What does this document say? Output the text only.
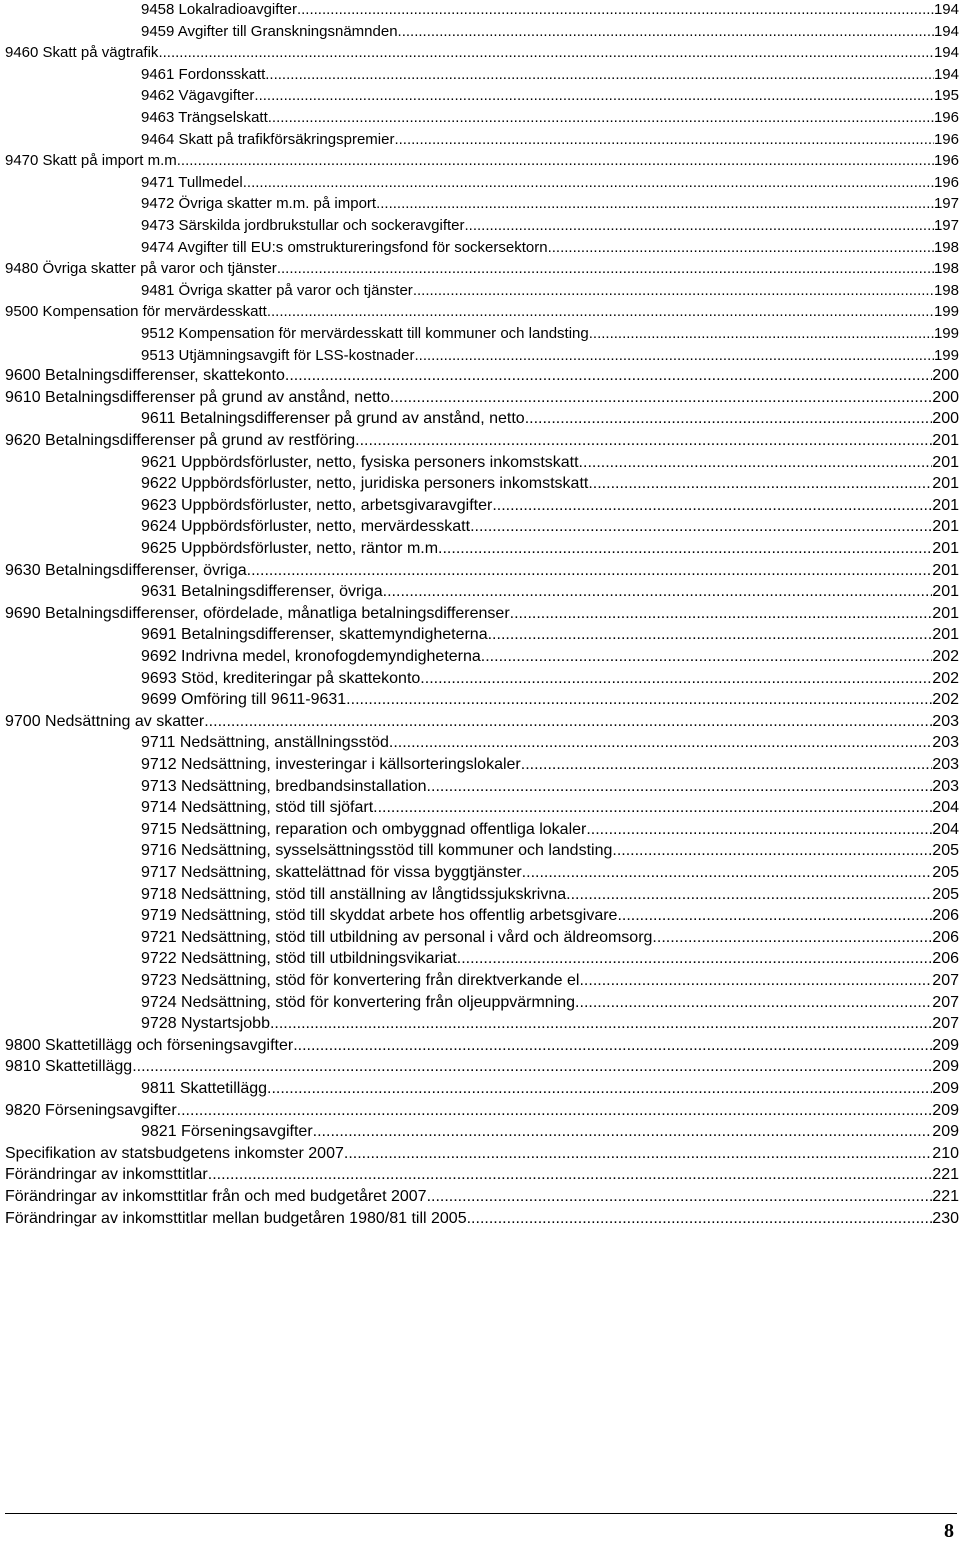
9458 Lokalradioavgifter .....	194
9459 Avgifter till Granskningsnämnden .....	194
9460 Skatt på vägtrafik .....	194
9461 Fordonsskatt .....	194
9462 Vägavgifter .....	195
9463 Trängselskatt .....	196
9464 Skatt på trafikförsäkringspremier .....	196
9470 Skatt på import m.m. .....	196
9471 Tullmedel .....	196
9472 Övriga skatter m.m. på import .....	197
9473 Särskilda jordbrukstullar och sockeravgifter .....	197
9474 Avgifter till EU:s omstruktureringsfond för sockersektorn .....	198
9480 Övriga skatter på varor och tjänster .....	198
9481 Övriga skatter på varor och tjänster .....	198
9500 Kompensation för mervärdesskatt .....	199
9512 Kompensation för mervärdesskatt till kommuner och landsting .....	199
9513 Utjämningsavgift för LSS-kostnader .....	199
9600 Betalningsdifferenser, skattekonto .....	200
9610 Betalningsdifferenser på grund av anstånd, netto .....	200
9611 Betalningsdifferenser på grund av anstånd, netto .....	200
9620 Betalningsdifferenser på grund av restföring .....	201
9621 Uppbördsförluster, netto, fysiska personers inkomstskatt .....	201
9622 Uppbördsförluster, netto, juridiska personers inkomstskatt .....	201
9623 Uppbördsförluster, netto, arbetsgivaravgifter .....	201
9624 Uppbördsförluster, netto, mervärdesskatt .....	201
9625 Uppbördsförluster, netto, räntor m.m. .....	201
9630 Betalningsdifferenser, övriga .....	201
9631 Betalningsdifferenser, övriga .....	201
9690 Betalningsdifferenser, ofördelade, månatliga betalningsdifferenser .....	201
9691 Betalningsdifferenser, skattemyndigheterna .....	201
9692 Indrivna medel, kronofogdemyndigheterna .....	202
9693 Stöd, krediteringar på skattekonto .....	202
9699 Omföring till 9611-9631 .....	202
9700 Nedsättning av skatter .....	203
9711 Nedsättning, anställningsstöd .....	203
9712 Nedsättning, investeringar i källsorteringslokaler .....	203
9713 Nedsättning, bredbandsinstallation .....	203
9714 Nedsättning, stöd till sjöfart .....	204
9715 Nedsättning, reparation och ombyggnad offentliga lokaler .....	204
9716 Nedsättning, sysselsättningsstöd till kommuner och landsting .....	205
9717 Nedsättning, skattelättnad för vissa byggtjänster .....	205
9718 Nedsättning, stöd till anställning av långtidssjukskrivna .....	205
9719 Nedsättning, stöd till skyddat arbete hos offentlig arbetsgivare .....	206
9721 Nedsättning, stöd till utbildning av personal i vård och äldreomsorg .....	206
9722 Nedsättning, stöd till utbildningsvikariat .....	206
9723 Nedsättning, stöd för konvertering från direktverkande el .....	207
9724 Nedsättning, stöd för konvertering från oljeuppvärmning .....	207
9728 Nystartsjobb .....	207
9800 Skattetillägg och förseningsavgifter .....	209
9810 Skattetillägg .....	209
9811 Skattetillägg .....	209
9820 Förseningsavgifter .....	209
9821 Förseningsavgifter .....	209
Specifikation av statsbudgetens inkomster 2007 .....	210
Förändringar av inkomsttitlar .....	221
Förändringar av inkomsttitlar från och med budgetåret 2007 .....	221
Förändringar av inkomsttitlar mellan budgetåren 1980/81 till 2005 .....	230
8
